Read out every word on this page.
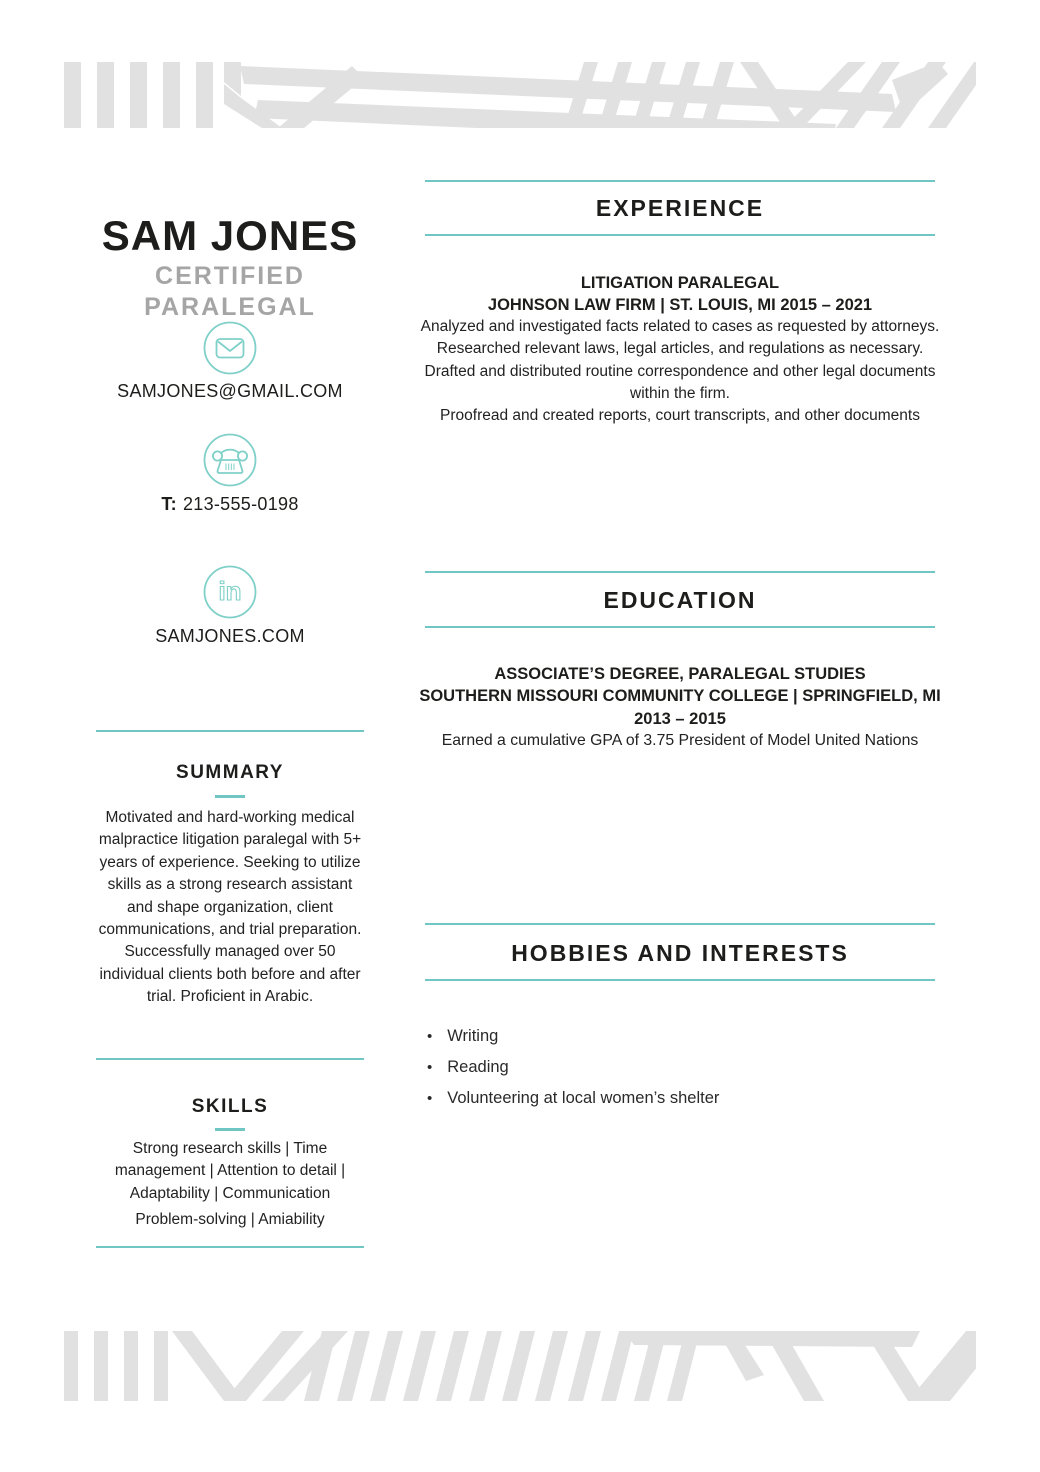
SAM JONES
CERTIFIED
PARALEGAL
SAMJONES@GMAIL.COM
T: 213-555-0198
in
SAMJONES.COM
SUMMARY

Motivated and hard-working medical malpractice litigation paralegal with 5+ years of experience. Seeking to utilize skills as a strong research assistant and shape organization, client communications, and trial preparation. Successfully managed over 50 individual clients both before and after trial. Proficient in Arabic.

SKILLS

Strong research skills | Time management | Attention to detail | Adaptability | Communication

Problem-solving | Amiability

EXPERIENCE
LITIGATION PARALEGAL
JOHNSON LAW FIRM | ST. LOUIS, MI 2015 – 2021

Analyzed and investigated facts related to cases as requested by attorneys.

Researched relevant laws, legal articles, and regulations as necessary.

Drafted and distributed routine correspondence and other legal documents within the firm.

Proofread and created reports, court transcripts, and other documents

EDUCATION
ASSOCIATE’S DEGREE, PARALEGAL STUDIES
SOUTHERN MISSOURI COMMUNITY COLLEGE | SPRINGFIELD, MI
2013 – 2015
Earned a cumulative GPA of 3.75 President of Model United Nations
HOBBIES AND INTERESTS
•
Writing
•
Reading
•
Volunteering at local women’s shelter
